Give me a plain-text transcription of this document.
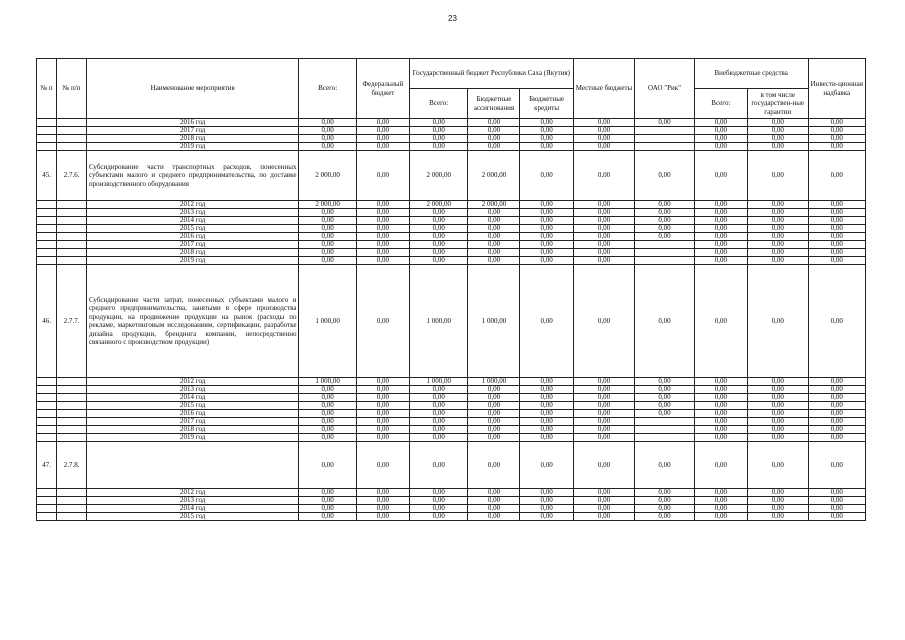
23
№ п	№ п/п	Наименование мероприятия	Всего:	Федеральный бюджет	Государственный бюджет Республики Саха (Якутия)			Местные бюджеты	ОАО "Рик"	Внебюджетные средства		Инвести-ционная надбавка
					Всего:	Бюджетные ассигнования	Бюджетные кредиты			Всего:	в том числе государствен-ные гарантии	
		2016 год	0,00	0,00	0,00	0,00	0,00	0,00	0,00	0,00	0,00	0,00
		2017 год	0,00	0,00	0,00	0,00	0,00	0,00		0,00	0,00	0,00
		2018 год	0,00	0,00	0,00	0,00	0,00	0,00		0,00	0,00	0,00
		2019 год	0,00	0,00	0,00	0,00	0,00	0,00		0,00	0,00	0,00
45.	2.7.6.	Субсидирование части транспортных расходов, понесенных субъектами малого и среднего предпринимательства, по доставке производственного оборудования	2 000,00	0,00	2 000,00	2 000,00	0,00	0,00	0,00	0,00	0,00	0,00
		2012 год	2 000,00	0,00	2 000,00	2 000,00	0,00	0,00	0,00	0,00	0,00	0,00
		2013 год	0,00	0,00	0,00	0,00	0,00	0,00	0,00	0,00	0,00	0,00
		2014 год	0,00	0,00	0,00	0,00	0,00	0,00	0,00	0,00	0,00	0,00
		2015 год	0,00	0,00	0,00	0,00	0,00	0,00	0,00	0,00	0,00	0,00
		2016 год	0,00	0,00	0,00	0,00	0,00	0,00	0,00	0,00	0,00	0,00
		2017 год	0,00	0,00	0,00	0,00	0,00	0,00		0,00	0,00	0,00
		2018 год	0,00	0,00	0,00	0,00	0,00	0,00		0,00	0,00	0,00
		2019 год	0,00	0,00	0,00	0,00	0,00	0,00		0,00	0,00	0,00
46.	2.7.7.	Субсидирование части затрат, понесенных субъектами малого и среднего предпринимательства, занятыми в сфере производства продукции, на продвижение продукции на рынок (расходы по рекламе, маркетинговым исследованиям, сертификации, разработке дизайна продукции, брендинга компании, непосредственно связанного с производством продукции)	1 000,00	0,00	1 000,00	1 000,00	0,00	0,00	0,00	0,00	0,00	0,00
		2012 год	1 000,00	0,00	1 000,00	1 000,00	0,00	0,00	0,00	0,00	0,00	0,00
		2013 год	0,00	0,00	0,00	0,00	0,00	0,00	0,00	0,00	0,00	0,00
		2014 год	0,00	0,00	0,00	0,00	0,00	0,00	0,00	0,00	0,00	0,00
		2015 год	0,00	0,00	0,00	0,00	0,00	0,00	0,00	0,00	0,00	0,00
		2016 год	0,00	0,00	0,00	0,00	0,00	0,00	0,00	0,00	0,00	0,00
		2017 год	0,00	0,00	0,00	0,00	0,00	0,00		0,00	0,00	0,00
		2018 год	0,00	0,00	0,00	0,00	0,00	0,00		0,00	0,00	0,00
		2019 год	0,00	0,00	0,00	0,00	0,00	0,00		0,00	0,00	0,00
47.	2.7.8.		0,00	0,00	0,00	0,00	0,00	0,00	0,00	0,00	0,00	0,00
		2012 год	0,00	0,00	0,00	0,00	0,00	0,00	0,00	0,00	0,00	0,00
		2013 год	0,00	0,00	0,00	0,00	0,00	0,00	0,00	0,00	0,00	0,00
		2014 год	0,00	0,00	0,00	0,00	0,00	0,00	0,00	0,00	0,00	0,00
		2015 год	0,00	0,00	0,00	0,00	0,00	0,00	0,00	0,00	0,00	0,00
